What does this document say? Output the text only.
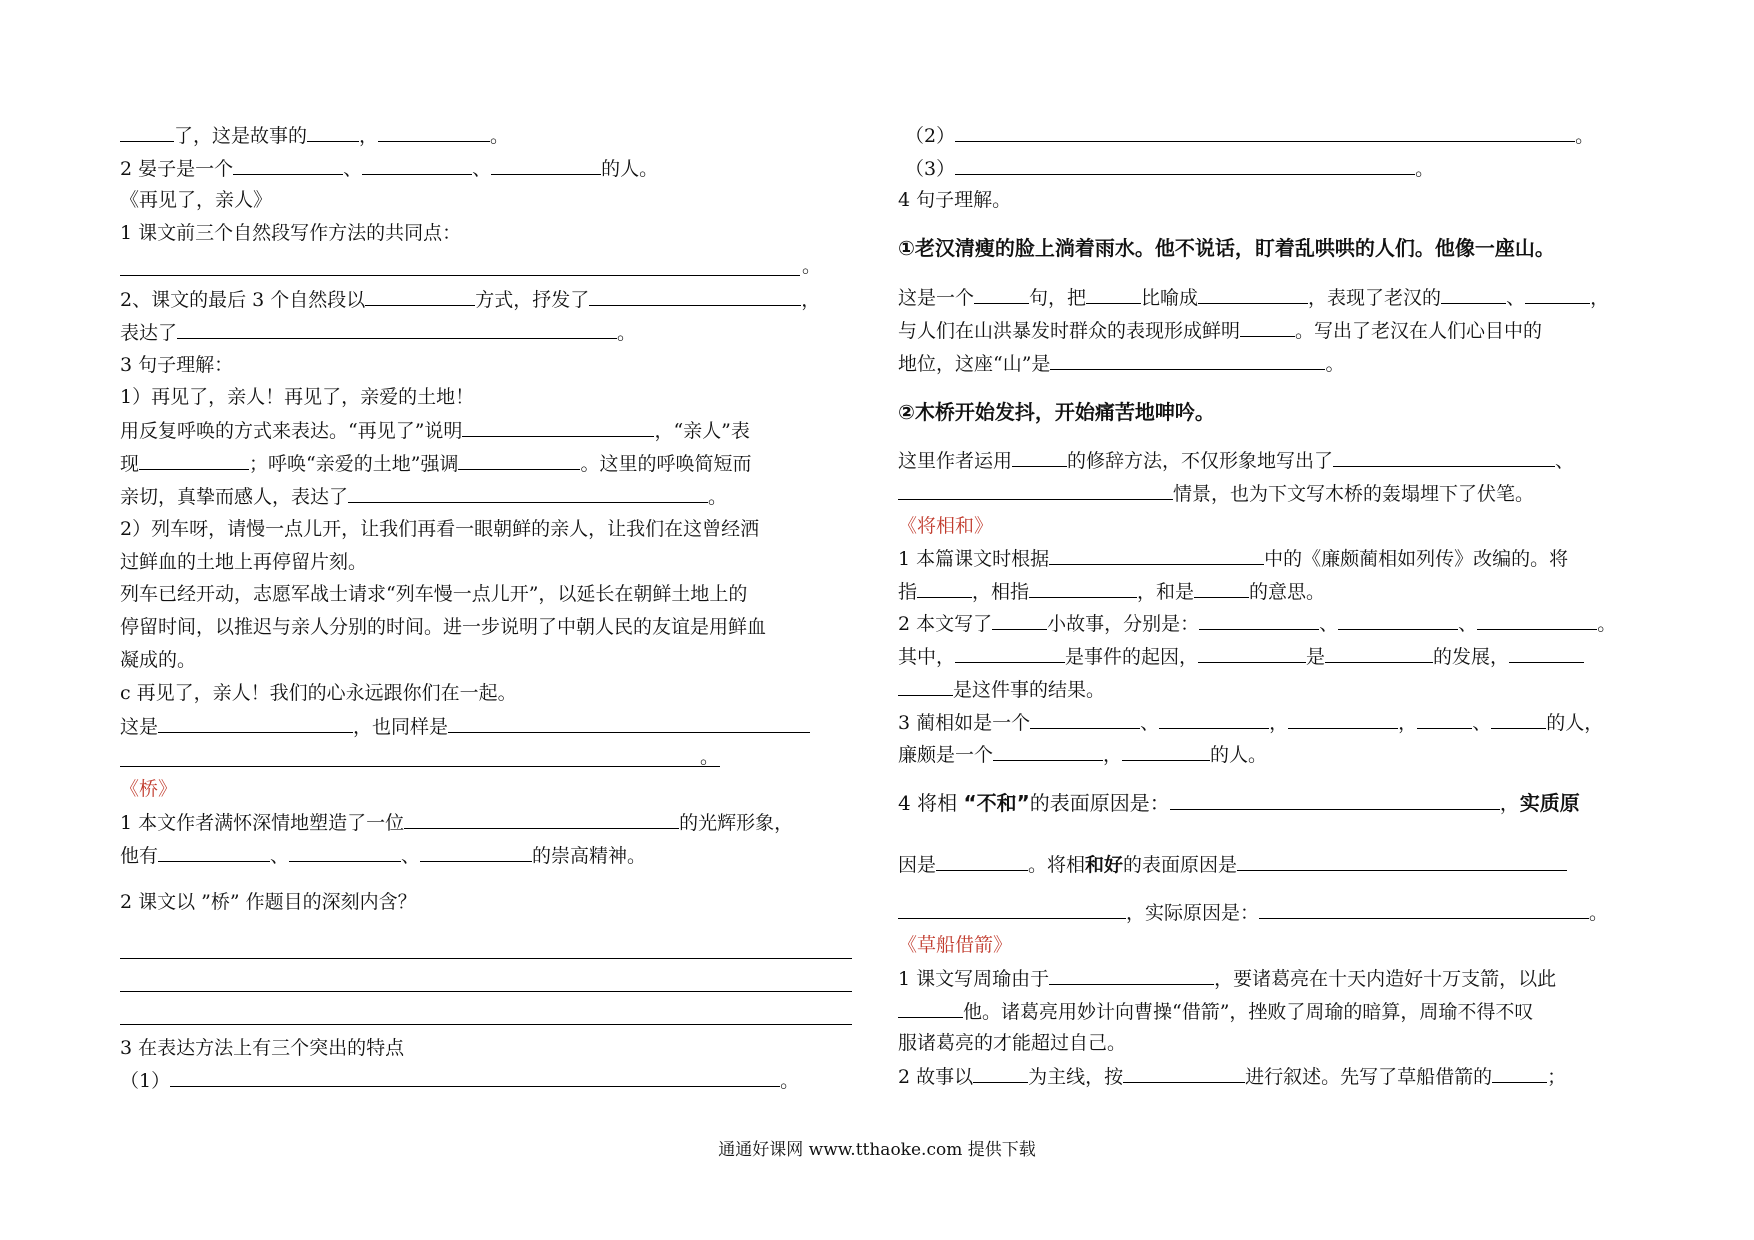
了，这是故事的	，	。
2 晏子是一个	、	、	的人。
《再见了，亲人》
1 课文前三个自然段写作方法的共同点：
。
2、课文的最后 3 个自然段以	方式，抒发了	，
表达了	。
3 句子理解：
1）再见了，亲人！再见了，亲爱的土地！
用反复呼唤的方式来表达。“再见了”说明	，“亲人”表
现	；呼唤“亲爱的土地”强调	。这里的呼唤简短而
亲切，真挚而感人，表达了	。
2）列车呀，请慢一点儿开，让我们再看一眼朝鲜的亲人，让我们在这曾经洒
过鲜血的土地上再停留片刻。
列车已经开动，志愿军战士请求“列车慢一点儿开”，以延长在朝鲜土地上的
停留时间，以推迟与亲人分别的时间。进一步说明了中朝人民的友谊是用鲜血
凝成的。
c 再见了，亲人！我们的心永远跟你们在一起。
这是	，也同样是
。
《桥》
1 本文作者满怀深情地塑造了一位	的光辉形象，
他有	、	、	的崇高精神。
2 课文以 ”桥” 作题目的深刻内含？
3 在表达方法上有三个突出的特点
（1）	。
（2）	。
（3）	。
4 句子理解。
①老汉清瘦的脸上淌着雨水。他不说话，盯着乱哄哄的人们。他像一座山。
这是一个	句，把	比喻成	，表现了老汉的	、	，
与人们在山洪暴发时群众的表现形成鲜明	。写出了老汉在人们心目中的
地位，这座“山”是	。
②木桥开始发抖，开始痛苦地呻吟。
这里作者运用	的修辞方法，不仅形象地写出了	、
情景，也为下文写木桥的轰塌埋下了伏笔。
《将相和》
1 本篇课文时根据	中的《廉颇蔺相如列传》改编的。将
指	，相指	，和是	的意思。
2 本文写了	小故事，分别是：	、	、	。
其中，	是事件的起因，	是	的发展，
是这件事的结果。
3 蔺相如是一个	、	，	，	、	的人，
廉颇是一个	，	的人。
4 将相 “不和”的表面原因是：	，实质原
因是	。将相和好的表面原因是
，实际原因是：	。
《草船借箭》
1 课文写周瑜由于	，要诸葛亮在十天内造好十万支箭，以此
他。诸葛亮用妙计向曹操“借箭”，挫败了周瑜的暗算，周瑜不得不叹
服诸葛亮的才能超过自己。
2 故事以	为主线，按	进行叙述。先写了草船借箭的	；
通通好课网 www.tthaoke.com 提供下载
